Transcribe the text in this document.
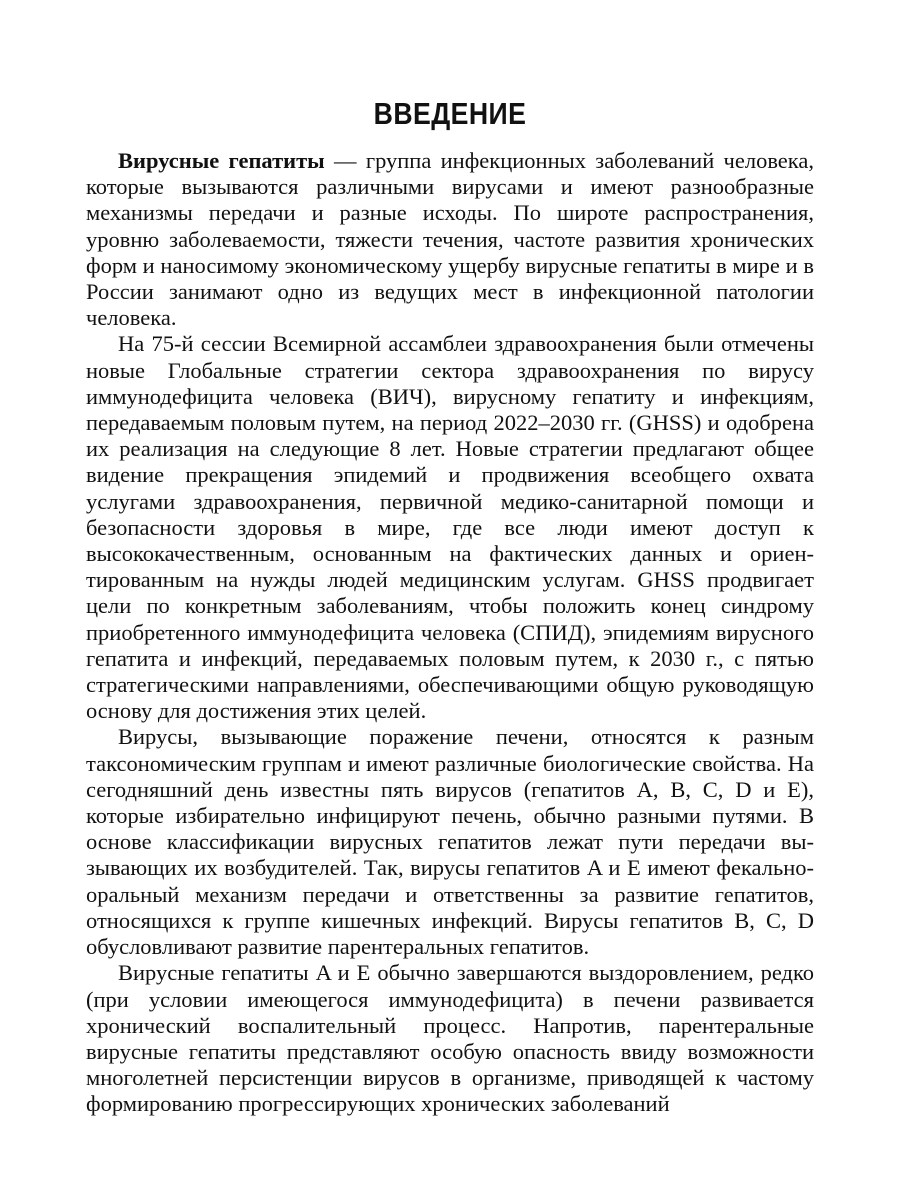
ВВЕДЕНИЕ

Вирусные гепатиты — группа инфекционных заболеваний человека, которые вызываются различными вирусами и имеют разнообразные механизмы передачи и разные исходы. По широте распространения, уровню заболеваемости, тяжести течения, частоте развития хронических форм и наносимому экономическому ущербу вирусные гепатиты в мире и в России занимают одно из ведущих мест в инфекционной патологии человека.

На 75-й сессии Всемирной ассамблеи здравоохранения были отмечены новые Глобальные стратегии сектора здравоохранения по вирусу иммунодефицита человека (ВИЧ), вирусному гепатиту и инфекциям, передаваемым половым путем, на период 2022–2030 гг. (GHSS) и одобрена их реализация на следующие 8 лет. Новые стратегии предлагают общее видение прекращения эпидемий и продвижения всеобщего охвата услугами здравоохранения, первичной медико-санитарной помощи и безопасности здоровья в мире, где все люди имеют доступ к высококачественным, основанным на фактических данных и ориентированным на нужды людей медицинским услугам. GHSS продвигает цели по конкретным заболеваниям, чтобы положить конец синдрому приобретенного иммунодефицита человека (СПИД), эпидемиям вирусного гепатита и инфекций, передаваемых половым путем, к 2030 г., с пятью стратегическими направлениями, обеспечивающими общую руководящую основу для достижения этих целей.

Вирусы, вызывающие поражение печени, относятся к разным таксономическим группам и имеют различные биологические свойства. На сегодняшний день известны пять вирусов (гепатитов A, B, C, D и E), которые избирательно инфицируют печень, обычно разными путями. В основе классификации вирусных гепатитов лежат пути передачи вызывающих их возбудителей. Так, вирусы гепатитов A и E имеют фекально-оральный механизм передачи и ответственны за развитие гепатитов, относящихся к группе кишечных инфекций. Вирусы гепатитов B, C, D обусловливают развитие парентеральных гепатитов.

Вирусные гепатиты A и E обычно завершаются выздоровлением, редко (при условии имеющегося иммунодефицита) в печени развивается хронический воспалительный процесс. Напротив, парентеральные вирусные гепатиты представляют особую опасность ввиду возможности многолетней персистенции вирусов в организме, приводящей к частому формированию прогрессирующих хронических заболеваний
